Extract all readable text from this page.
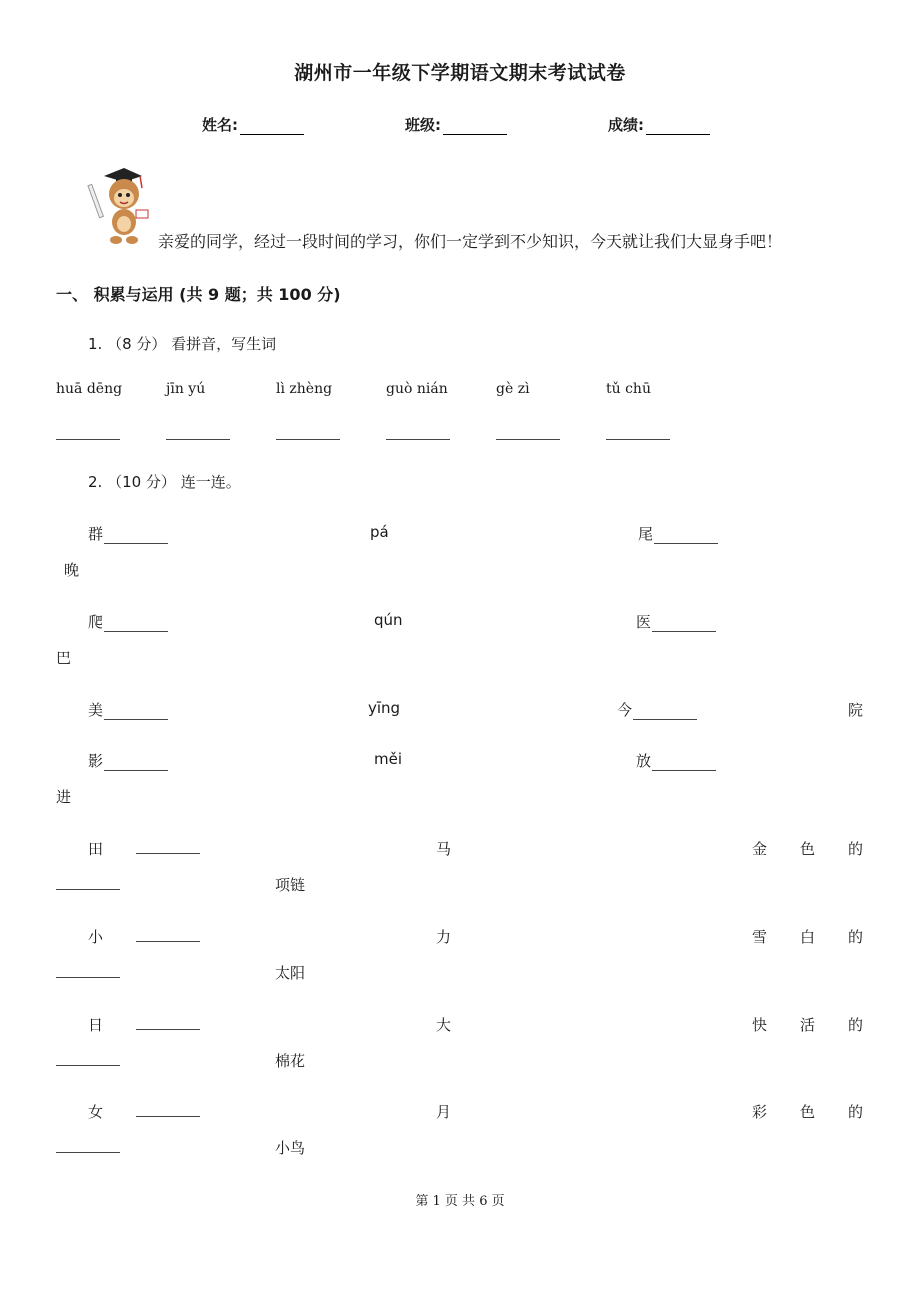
湖州市一年级下学期语文期末考试试卷
姓名:	班级:	成绩:
亲爱的同学，经过一段时间的学习，你们一定学到不少知识，今天就让我们大显身手吧！
一、 积累与运用 (共 9 题；共 100 分)
1. （8 分） 看拼音，写生词
huā dēng	jīn yú	lì zhèng	guò nián	gè zì	tǔ chū
2. （10 分） 连一连。
群	pá	尾
晚
爬	qún	医
巴
美	yīng	今	院
影	měi	放
进
田	马	金 色 的
项链
小	力	雪 白 的
太阳
日	大	快 活 的
棉花
女	月	彩 色 的
小鸟
第 1 页 共 6 页
